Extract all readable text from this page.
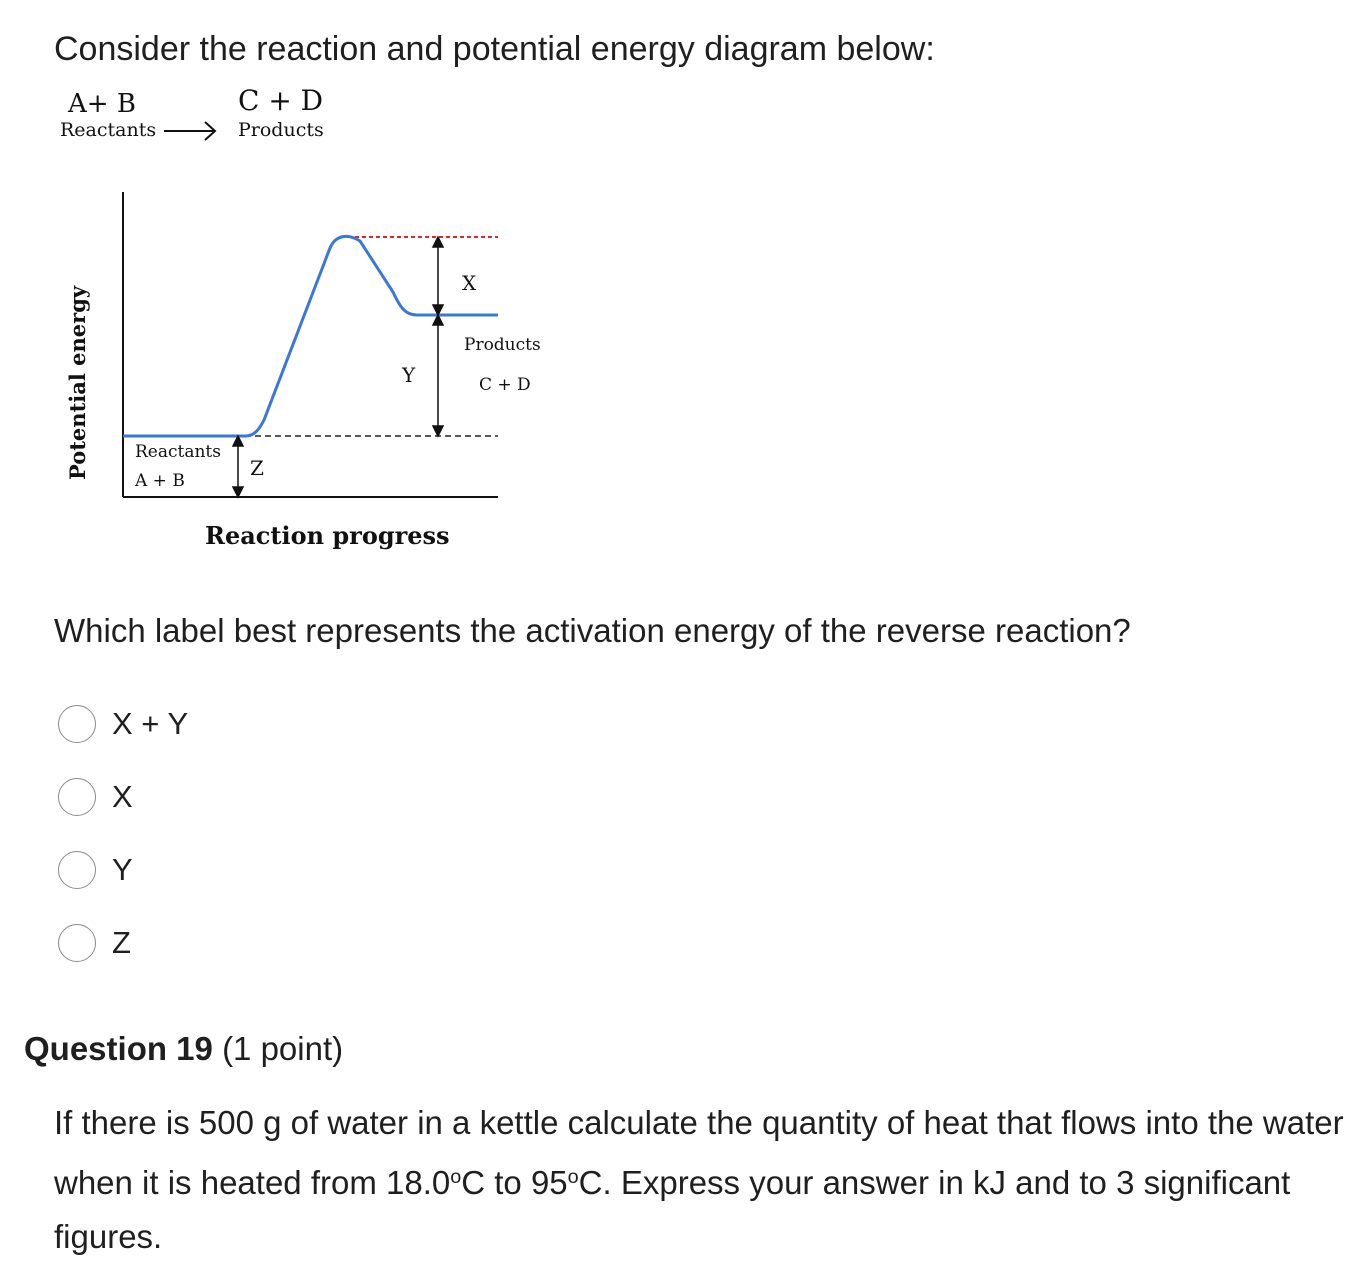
Consider the reaction and potential energy diagram below:
A+ B
Reactants
C + D
Products
Potential energy
X
Y
Z
Products
C + D
Reactants
A + B
Reaction progress
Which label best represents the activation energy of the reverse reaction?
X + Y
X
Y
Z
Question 19 (1 point)

If there is 500 g of water in a kettle calculate the quantity of heat that flows into the water when it is heated from 18.0$^o$C to 95$^o$C. Express your answer in kJ and to 3 significant figures.
